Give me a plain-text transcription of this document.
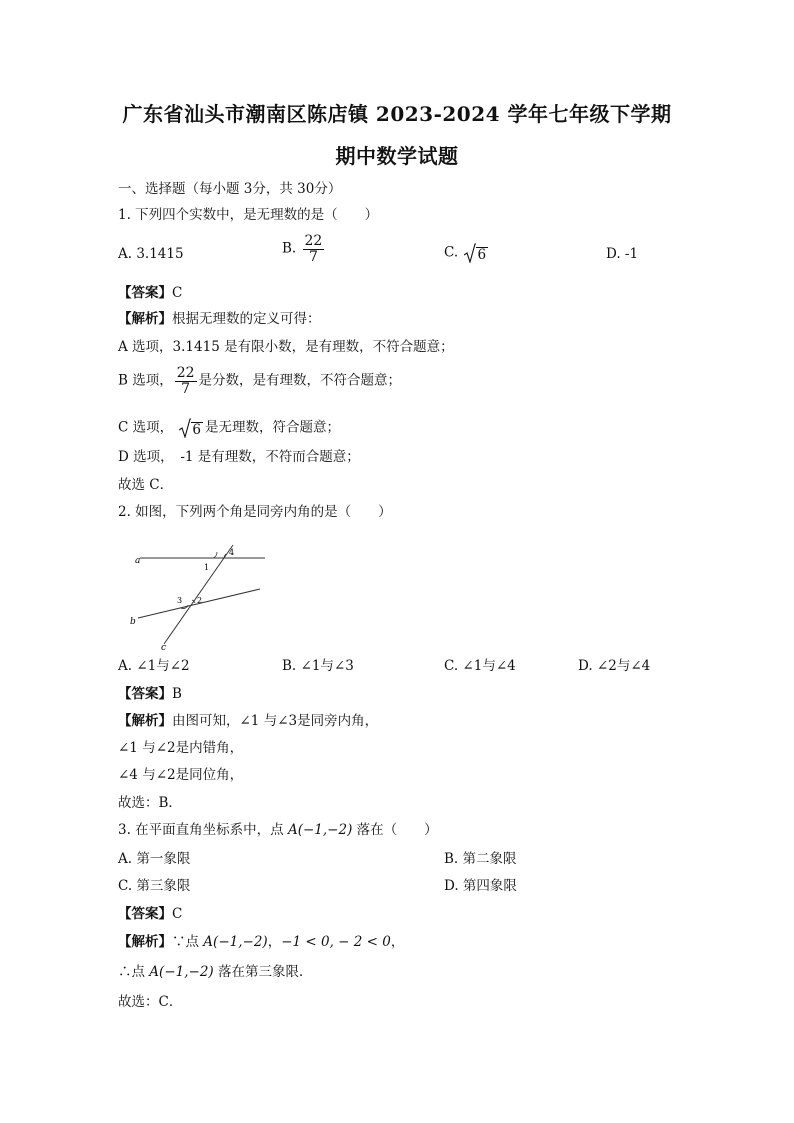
广东省汕头市潮南区陈店镇 2023-2024 学年七年级下学期
期中数学试题
一、选择题（每小题 3分，共 30分）
1. 下列四个实数中，是无理数的是（　　）
A. 3.1415	B. $\frac{22}{7}$	C. 6	D. -1
【答案】C
【解析】根据无理数的定义可得：
A 选项，3.1415 是有限小数，是有理数，不符合题意；
B 选项， $\frac{22}{7}$ 是分数，是有理数，不符合题意；
C 选项， 6 是无理数，符合题意；
D 选项，　-1 是有理数，不符而合题意；
故选 C．
2. 如图，下列两个角是同旁内角的是（　　）
a
b
c
1
4
3 2
A. ∠1与∠2	B. ∠1与∠3	C. ∠1与∠4	D. ∠2与∠4
【答案】B
【解析】由图可知，∠1 与∠3是同旁内角，
∠1 与∠2是内错角，
∠4 与∠2是同位角，
故选：B．
3. 在平面直角坐标系中，点 A(−1,−2) 落在（　　）
A. 第一象限	B. 第二象限
C. 第三象限	D. 第四象限
【答案】C
【解析】∵点 A(−1,−2)，−1 < 0, − 2 < 0，
∴点 A(−1,−2) 落在第三象限．
故选：C．
